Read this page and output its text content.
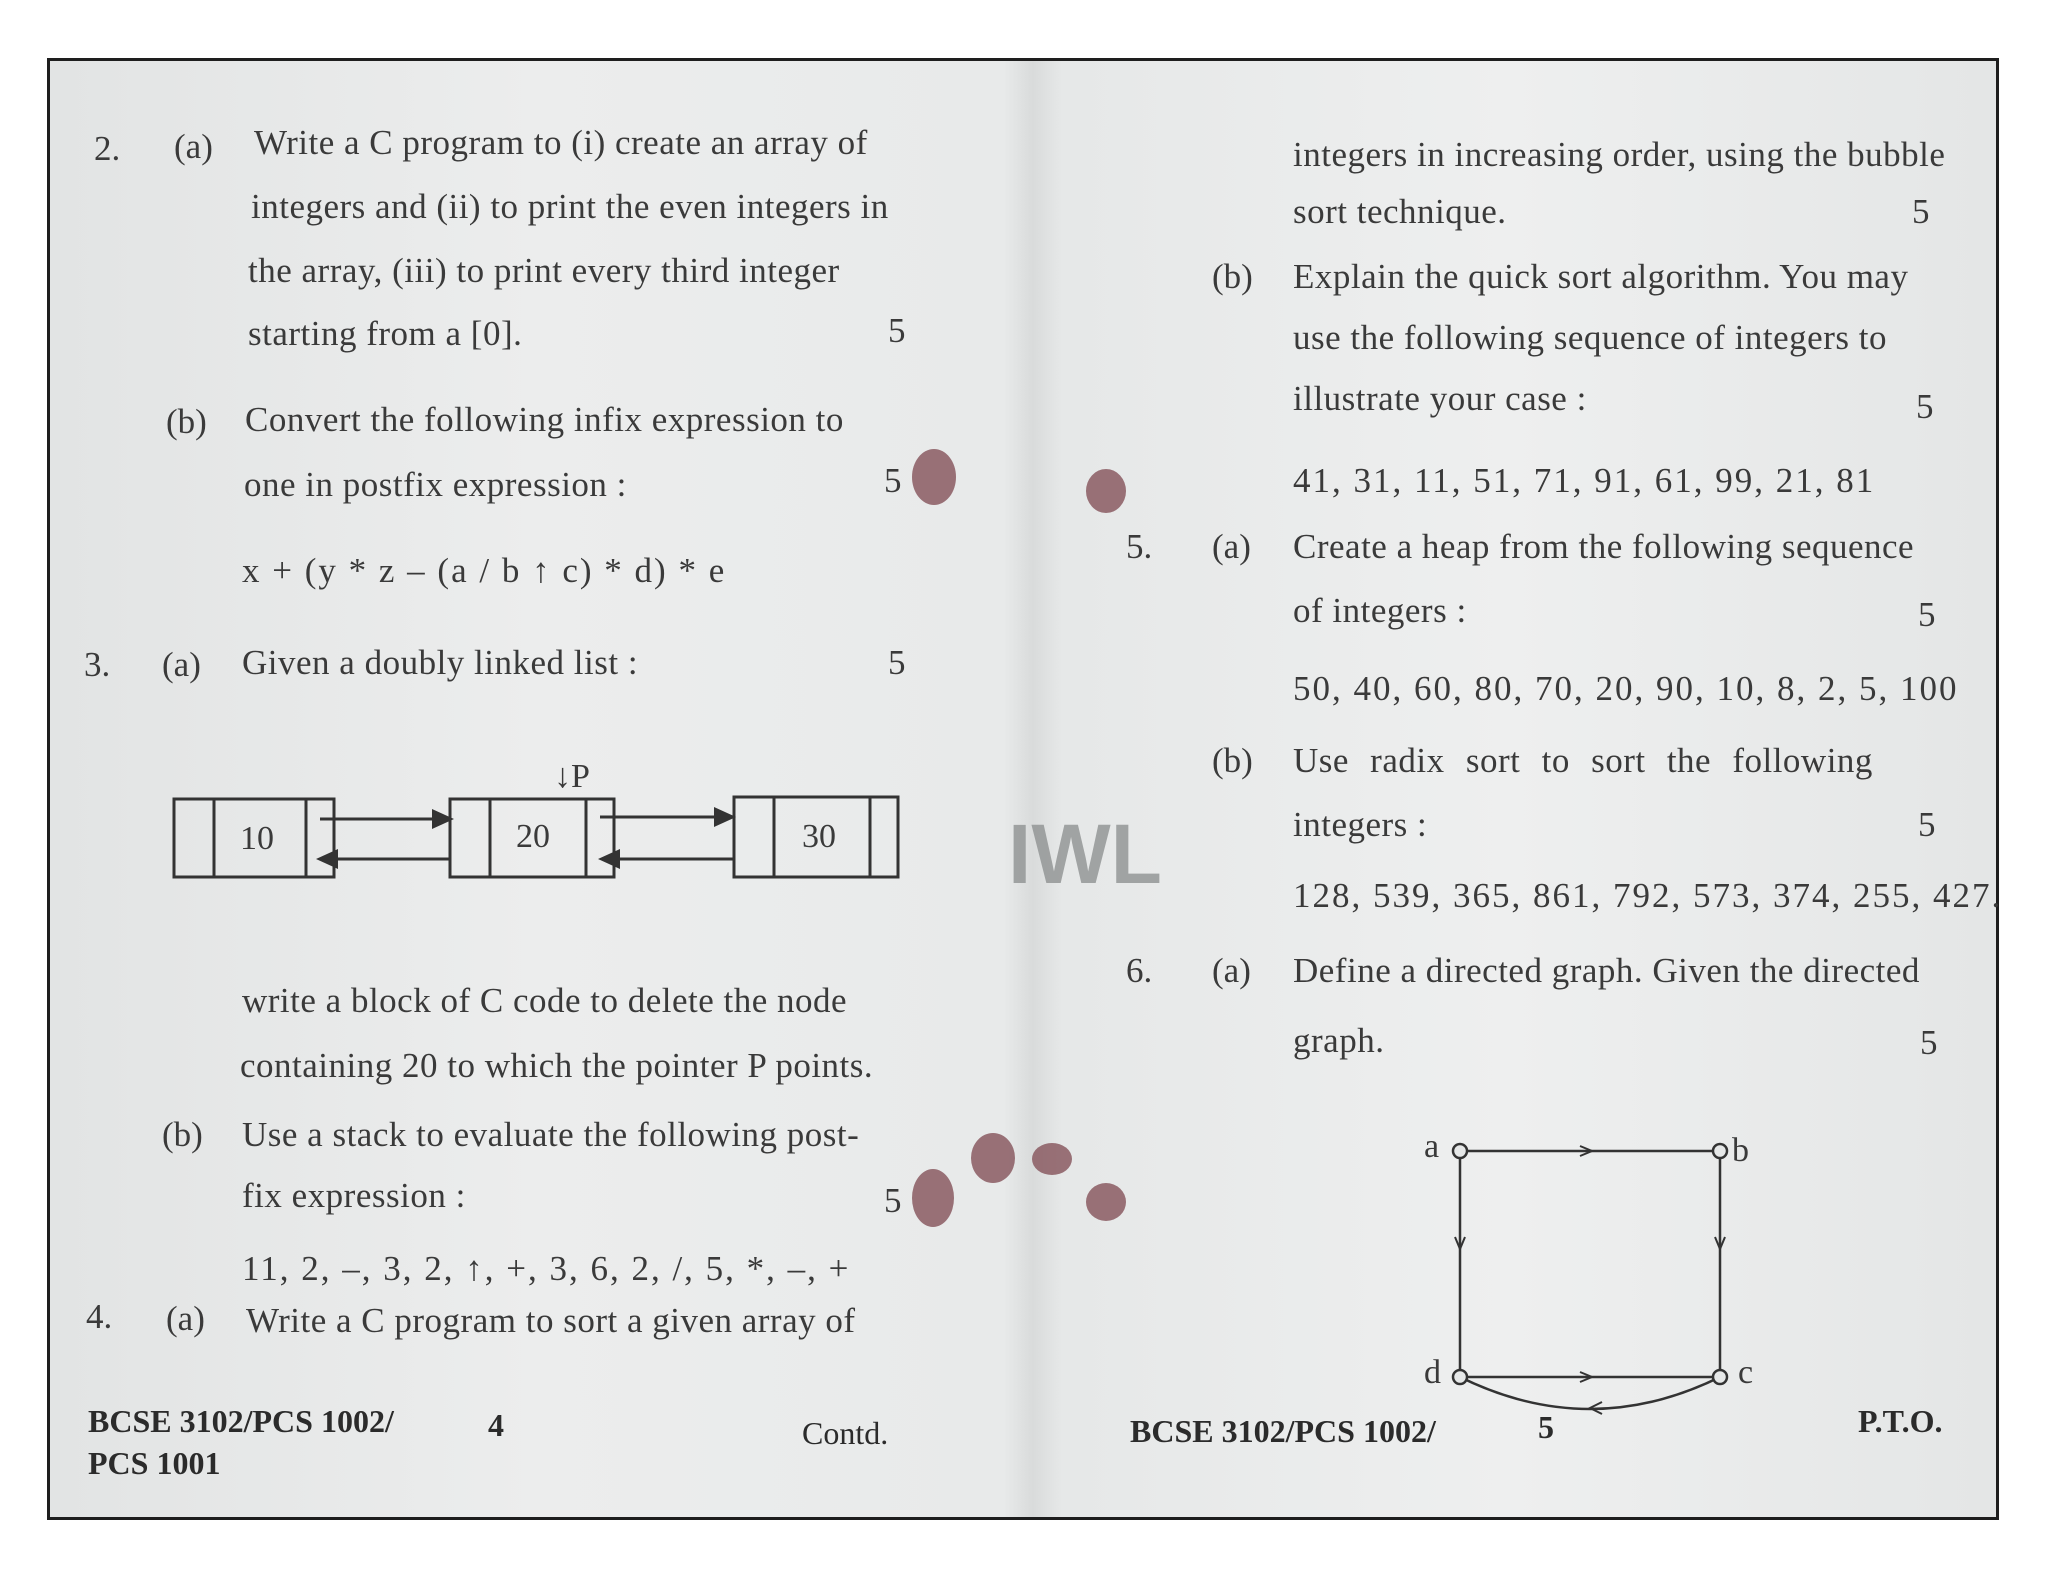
2. (a) Write a C program to (i) create an array of
integers and (ii) to print the even integers in
the array, (iii) to print every third integer
starting from a [0].	5
(b) Convert the following infix expression to
one in postfix expression :	5
x + (y * z – (a / b ↑ c) * d) * e
3. (a) Given a doubly linked list :	5
↓P
10	20	30
write a block of C code to delete the node
containing 20 to which the pointer P points.
(b) Use a stack to evaluate the following post-
fix expression :	5
11, 2, –, 3, 2, ↑, +, 3, 6, 2, /, 5, *, –, +
4. (a) Write a C program to sort a given array of
BCSE 3102/PCS 1002/
PCS 1001
4	Contd.
integers in increasing order, using the bubble
sort technique.	5
(b) Explain the quick sort algorithm. You may
use the following sequence of integers to
illustrate your case :	5
41, 31, 11, 51, 71, 91, 61, 99, 21, 81
5. (a) Create a heap from the following sequence
of integers :	5
50, 40, 60, 80, 70, 20, 90, 10, 8, 2, 5, 100
(b) Use radix sort to sort the following
integers :	5
128, 539, 365, 861, 792, 573, 374, 255, 427.
6. (a) Define a directed graph. Given the directed
graph.	5
a	b
c
d
BCSE 3102/PCS 1002/	5	P.T.O.
IWL
